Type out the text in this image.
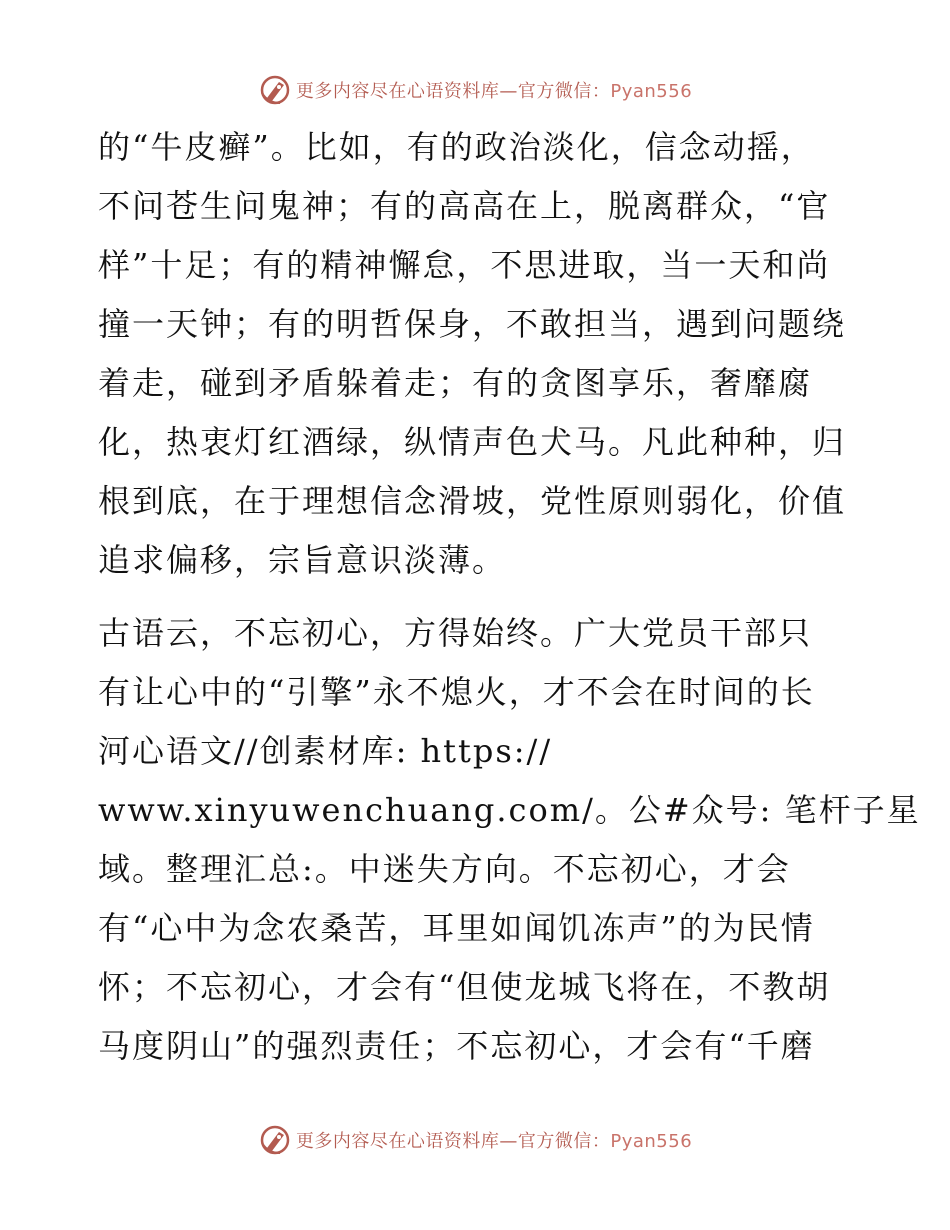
更多内容尽在心语资料库—官方微信：Pyan556
的“牛皮癣”。比如，有的政治淡化，信念动摇，
不问苍生问鬼神；有的高高在上，脱离群众，“官
样”十足；有的精神懈怠，不思进取，当一天和尚
撞一天钟；有的明哲保身，不敢担当，遇到问题绕
着走，碰到矛盾躲着走；有的贪图享乐，奢靡腐
化，热衷灯红酒绿，纵情声色犬马。凡此种种，归
根到底，在于理想信念滑坡，党性原则弱化，价值
追求偏移，宗旨意识淡薄。
古语云，不忘初心，方得始终。广大党员干部只
有让心中的“引擎”永不熄火，才不会在时间的长
河心语文//创素材库: https://
www.xinyuwenchuang.com/。公#众号: 笔杆子星
域。整理汇总:。中迷失方向。不忘初心，才会
有“心中为念农桑苦，耳里如闻饥冻声”的为民情
怀；不忘初心，才会有“但使龙城飞将在，不教胡
马度阴山”的强烈责任；不忘初心，才会有“千磨
更多内容尽在心语资料库—官方微信：Pyan556
